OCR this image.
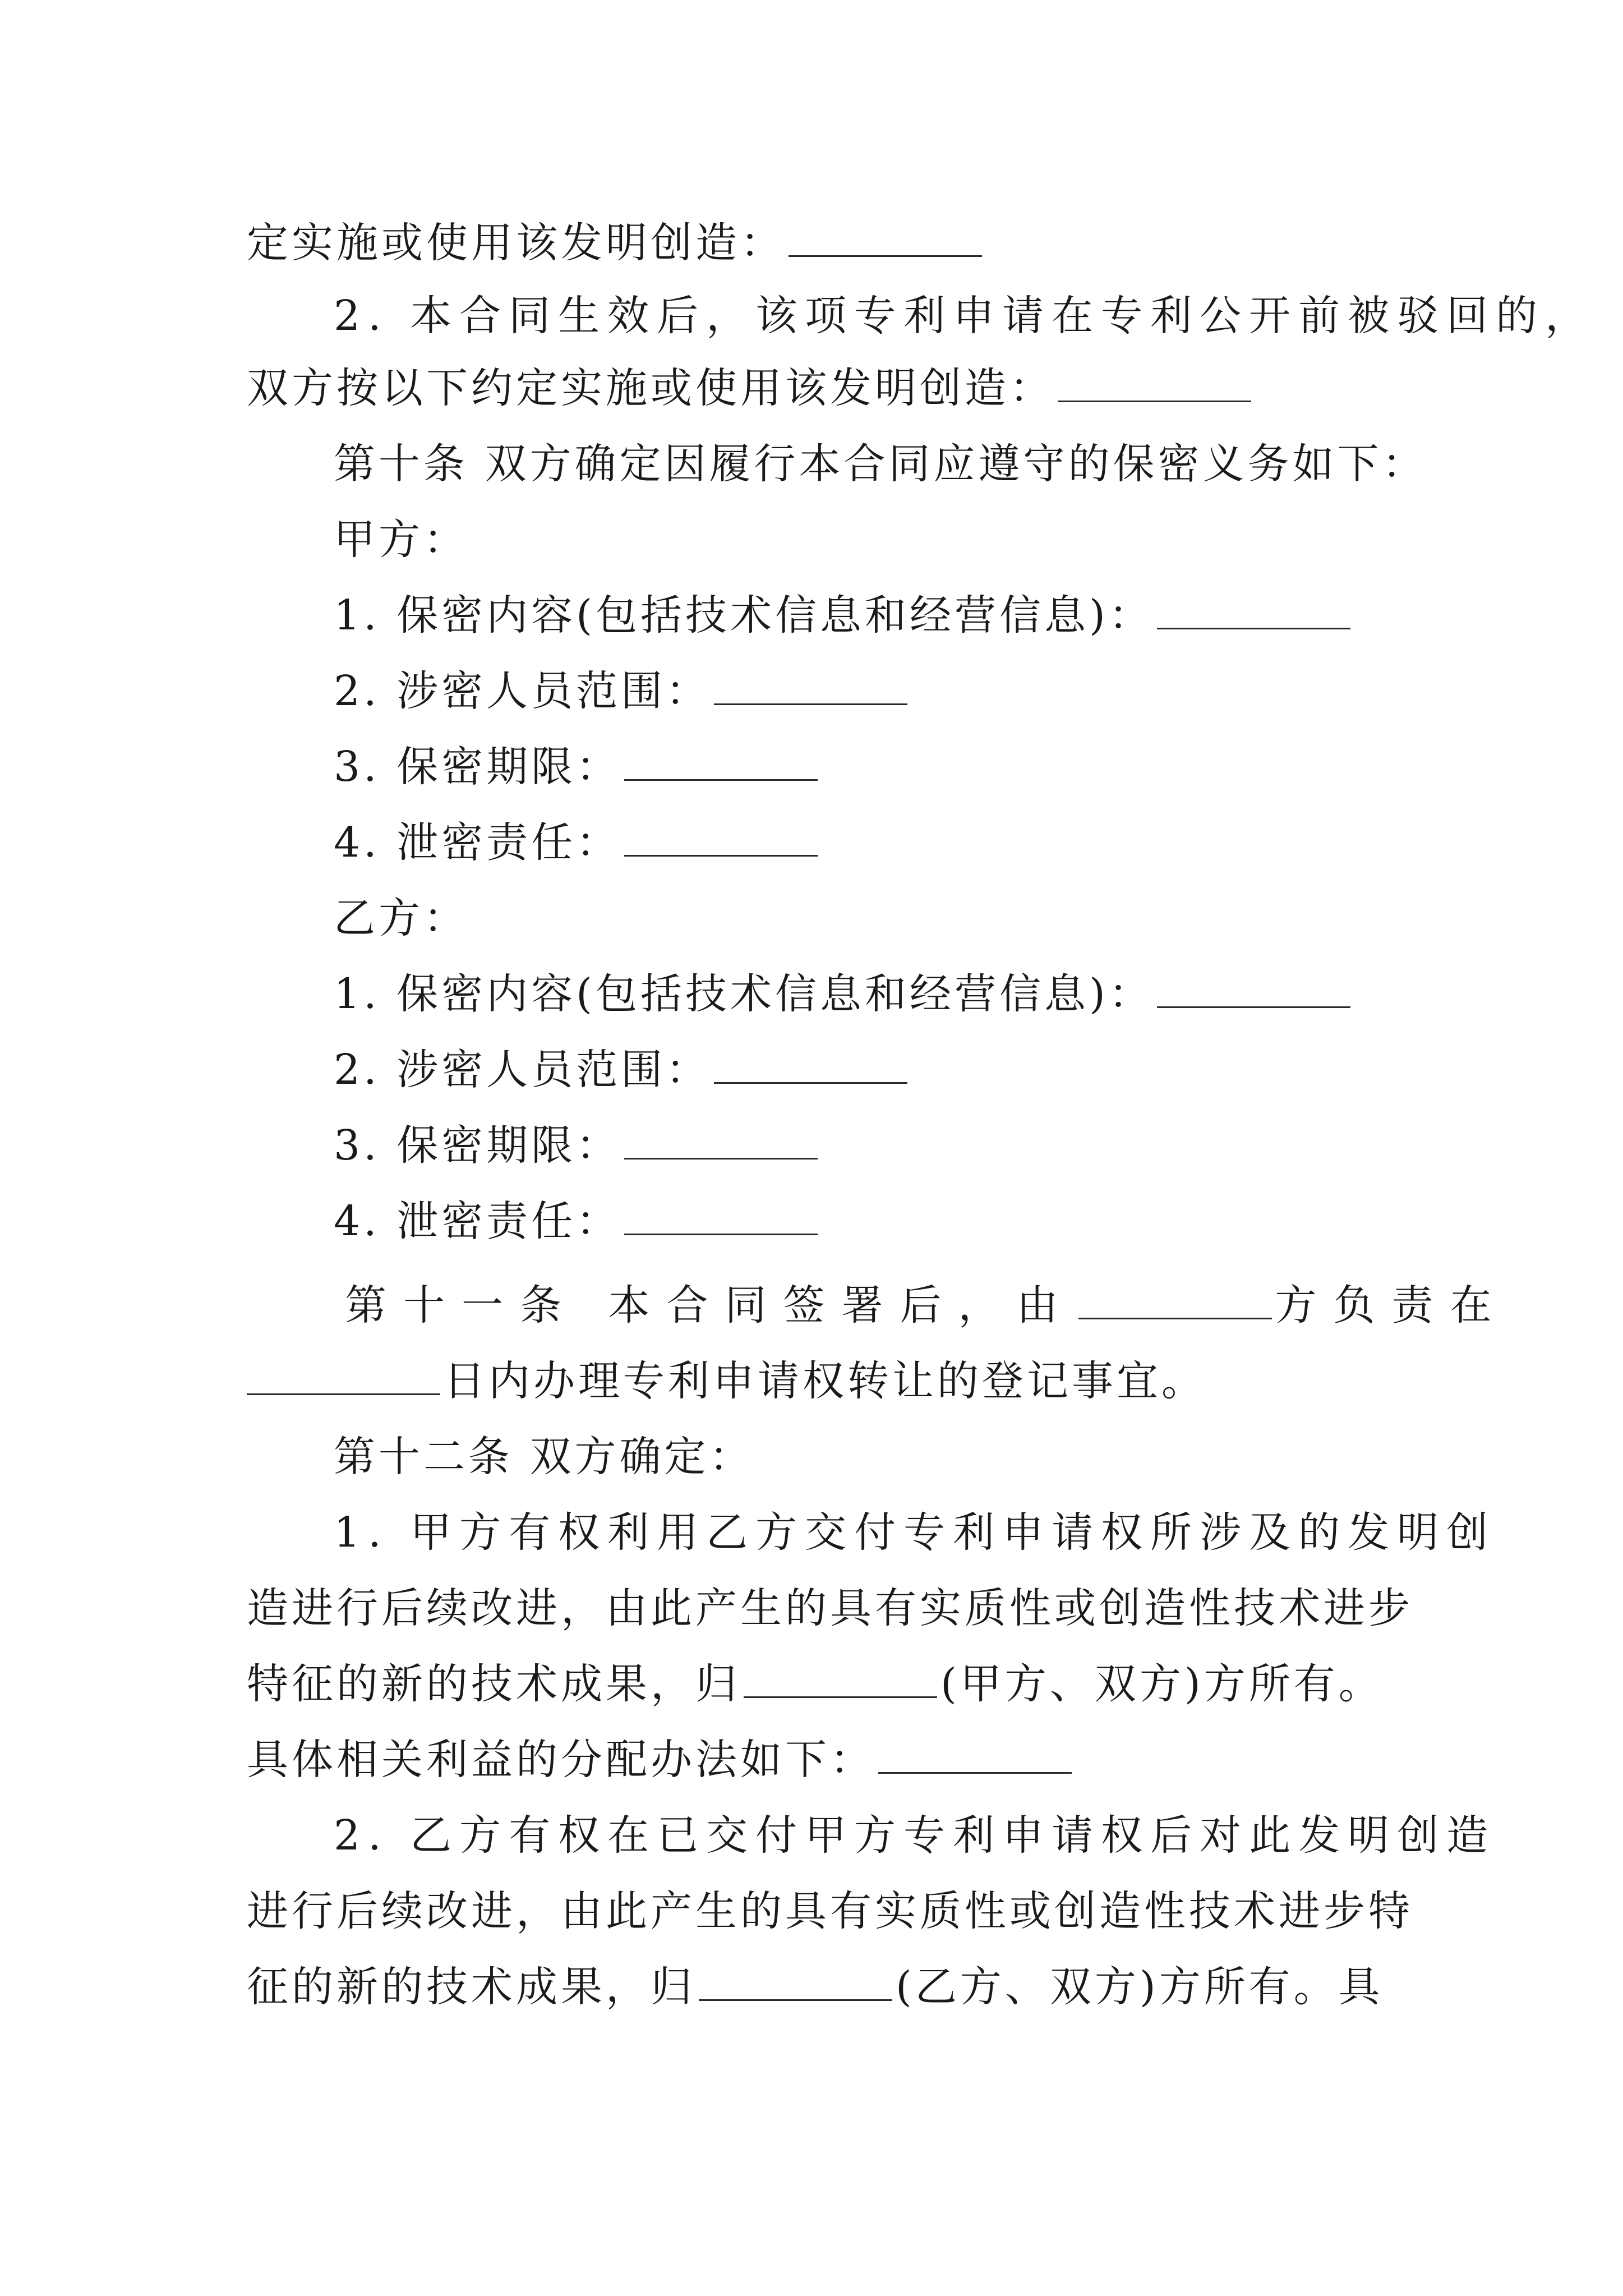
定实施或使用该发明创造：
2. 本合同生效后，该项专利申请在专利公开前被驳回的，
双方按以下约定实施或使用该发明创造：
第十条 双方确定因履行本合同应遵守的保密义务如下：
甲方：
1. 保密内容(包括技术信息和经营信息)：
2. 涉密人员范围：
3. 保密期限：
4. 泄密责任：
乙方：
1. 保密内容(包括技术信息和经营信息)：
2. 涉密人员范围：
3. 保密期限：
4. 泄密责任：
第十一条 本合同签署后，由	方负责在
日内办理专利申请权转让的登记事宜。
第十二条 双方确定：
1. 甲方有权利用乙方交付专利申请权所涉及的发明创
造进行后续改进，由此产生的具有实质性或创造性技术进步
特征的新的技术成果，归	(甲方、双方)方所有。
具体相关利益的分配办法如下：
2. 乙方有权在已交付甲方专利申请权后对此发明创造
进行后续改进，由此产生的具有实质性或创造性技术进步特
征的新的技术成果，归	(乙方、双方)方所有。具
